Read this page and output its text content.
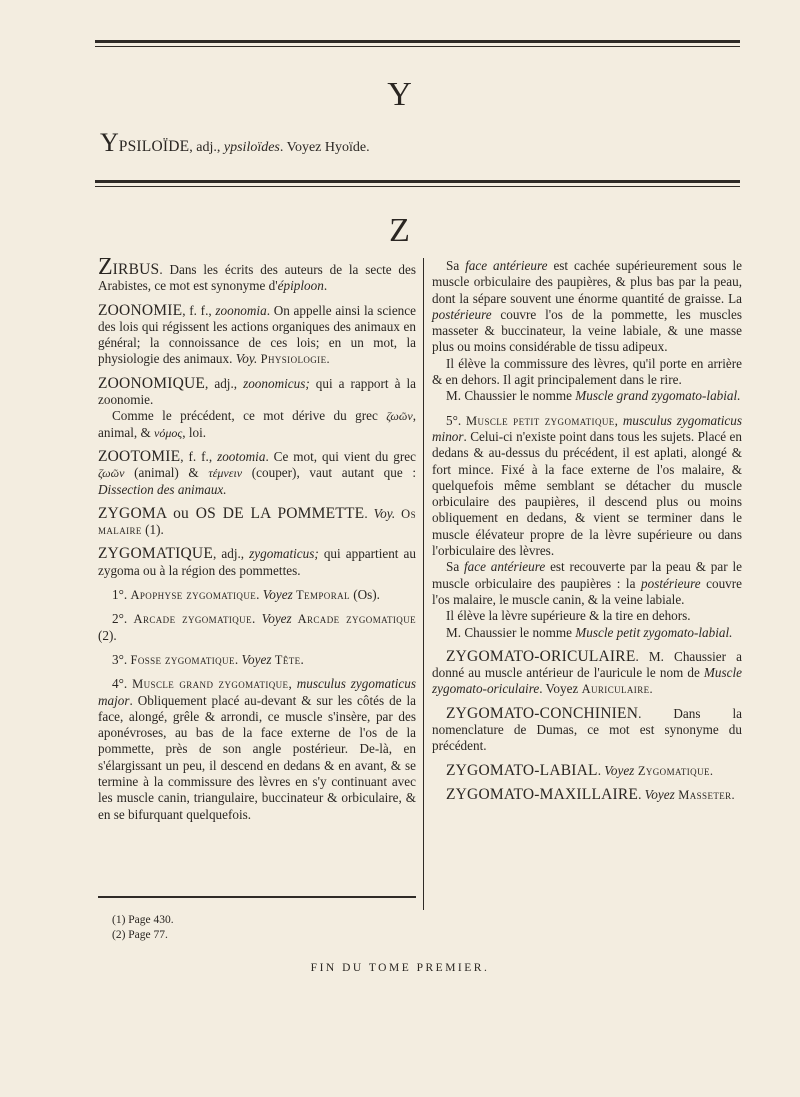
Y
YPSILOÏDE, adj., ypsiloïdes. Voyez Hyoïde.
Z

ZIRBUS. Dans les écrits des auteurs de la secte des Arabistes, ce mot est synonyme d'épiploon.

ZOONOMIE, f. f., zoonomia. On appelle ainsi la science des lois qui régissent les actions organiques des animaux en général; la connoissance de ces lois; en un mot, la physiologie des animaux. Voy. Physiologie.

ZOONOMIQUE, adj., zoonomicus; qui a rapport à la zoonomie.

Comme le précédent, ce mot dérive du grec ζωῶν, animal, & νόμος, loi.

ZOOTOMIE, f. f., zootomia. Ce mot, qui vient du grec ζωῶν (animal) & τέμνειν (couper), vaut autant que : Dissection des animaux.

ZYGOMA ou OS DE LA POMMETTE. Voy. Os malaire (1).

ZYGOMATIQUE, adj., zygomaticus; qui appartient au zygoma ou à la région des pommettes.

1°. Apophyse zygomatique. Voyez Temporal (Os).

2°. Arcade zygomatique. Voyez Arcade zygomatique (2).

3°. Fosse zygomatique. Voyez Tête.

4°. Muscle grand zygomatique, musculus zygomaticus major. Obliquement placé au-devant & sur les côtés de la face, alongé, grêle & arrondi, ce muscle s'insère, par des aponévroses, au bas de la face externe de l'os de la pommette, près de son angle postérieur. De-là, en s'élargissant un peu, il descend en dedans & en avant, & se termine à la commissure des lèvres en s'y continuant avec les muscle canin, triangulaire, buccinateur & orbiculaire, & en se bifurquant quelquefois.

Sa face antérieure est cachée supérieurement sous le muscle orbiculaire des paupières, & plus bas par la peau, dont la sépare souvent une énorme quantité de graisse. La postérieure couvre l'os de la pommette, les muscles masseter & buccinateur, la veine labiale, & une masse plus ou moins considérable de tissu adipeux.

Il élève la commissure des lèvres, qu'il porte en arrière & en dehors. Il agit principalement dans le rire.

M. Chaussier le nomme Muscle grand zygomato-labial.

5°. Muscle petit zygomatique, musculus zygomaticus minor. Celui-ci n'existe point dans tous les sujets. Placé en dedans & au-dessus du précédent, il est aplati, alongé & fort mince. Fixé à la face externe de l'os malaire, & quelquefois même semblant se détacher du muscle orbiculaire des paupières, il descend plus ou moins obliquement en dedans, & vient se terminer dans le muscle élévateur propre de la lèvre supérieure ou dans l'orbiculaire des lèvres.

Sa face antérieure est recouverte par la peau & par le muscle orbiculaire des paupières : la postérieure couvre l'os malaire, le muscle canin, & la veine labiale.

Il élève la lèvre supérieure & la tire en dehors.

M. Chaussier le nomme Muscle petit zygomato-labial.

ZYGOMATO-ORICULAIRE. M. Chaussier a donné au muscle antérieur de l'auricule le nom de Muscle zygomato-oriculaire. Voyez Auriculaire.

ZYGOMATO-CONCHINIEN. Dans la nomenclature de Dumas, ce mot est synonyme du précédent.

ZYGOMATO-LABIAL. Voyez Zygomatique.

ZYGOMATO-MAXILLAIRE. Voyez Masseter.

(1) Page 430.
(2) Page 77.
FIN DU TOME PREMIER.
